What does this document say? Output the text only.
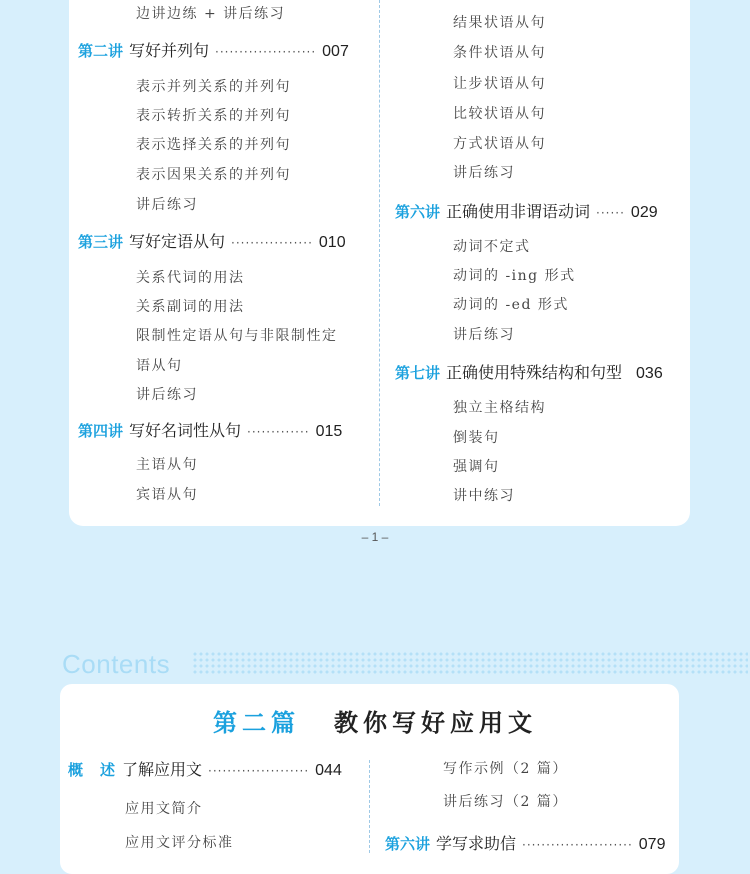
边讲边练 + 讲后练习
第二讲 写好并列句 ····················· 007
表示并列关系的并列句
表示转折关系的并列句
表示选择关系的并列句
表示因果关系的并列句
讲后练习
第三讲 写好定语从句 ················· 010
关系代词的用法
关系副词的用法
限制性定语从句与非限制性定
语从句
讲后练习
第四讲 写好名词性从句 ············· 015
主语从句
宾语从句
结果状语从句
条件状语从句
让步状语从句
比较状语从句
方式状语从句
讲后练习
第六讲 正确使用非谓语动词 ······ 029
动词不定式
动词的 -ing 形式
动词的 -ed 形式
讲后练习
第七讲 正确使用特殊结构和句型 036
独立主格结构
倒装句
强调句
讲中练习
– 1 –
Contents
第二篇 教你写好应用文
概　述 了解应用文 ····················· 044
应用文简介
应用文评分标准
写作示例（2 篇）
讲后练习（2 篇）
第六讲 学写求助信 ······················· 079
